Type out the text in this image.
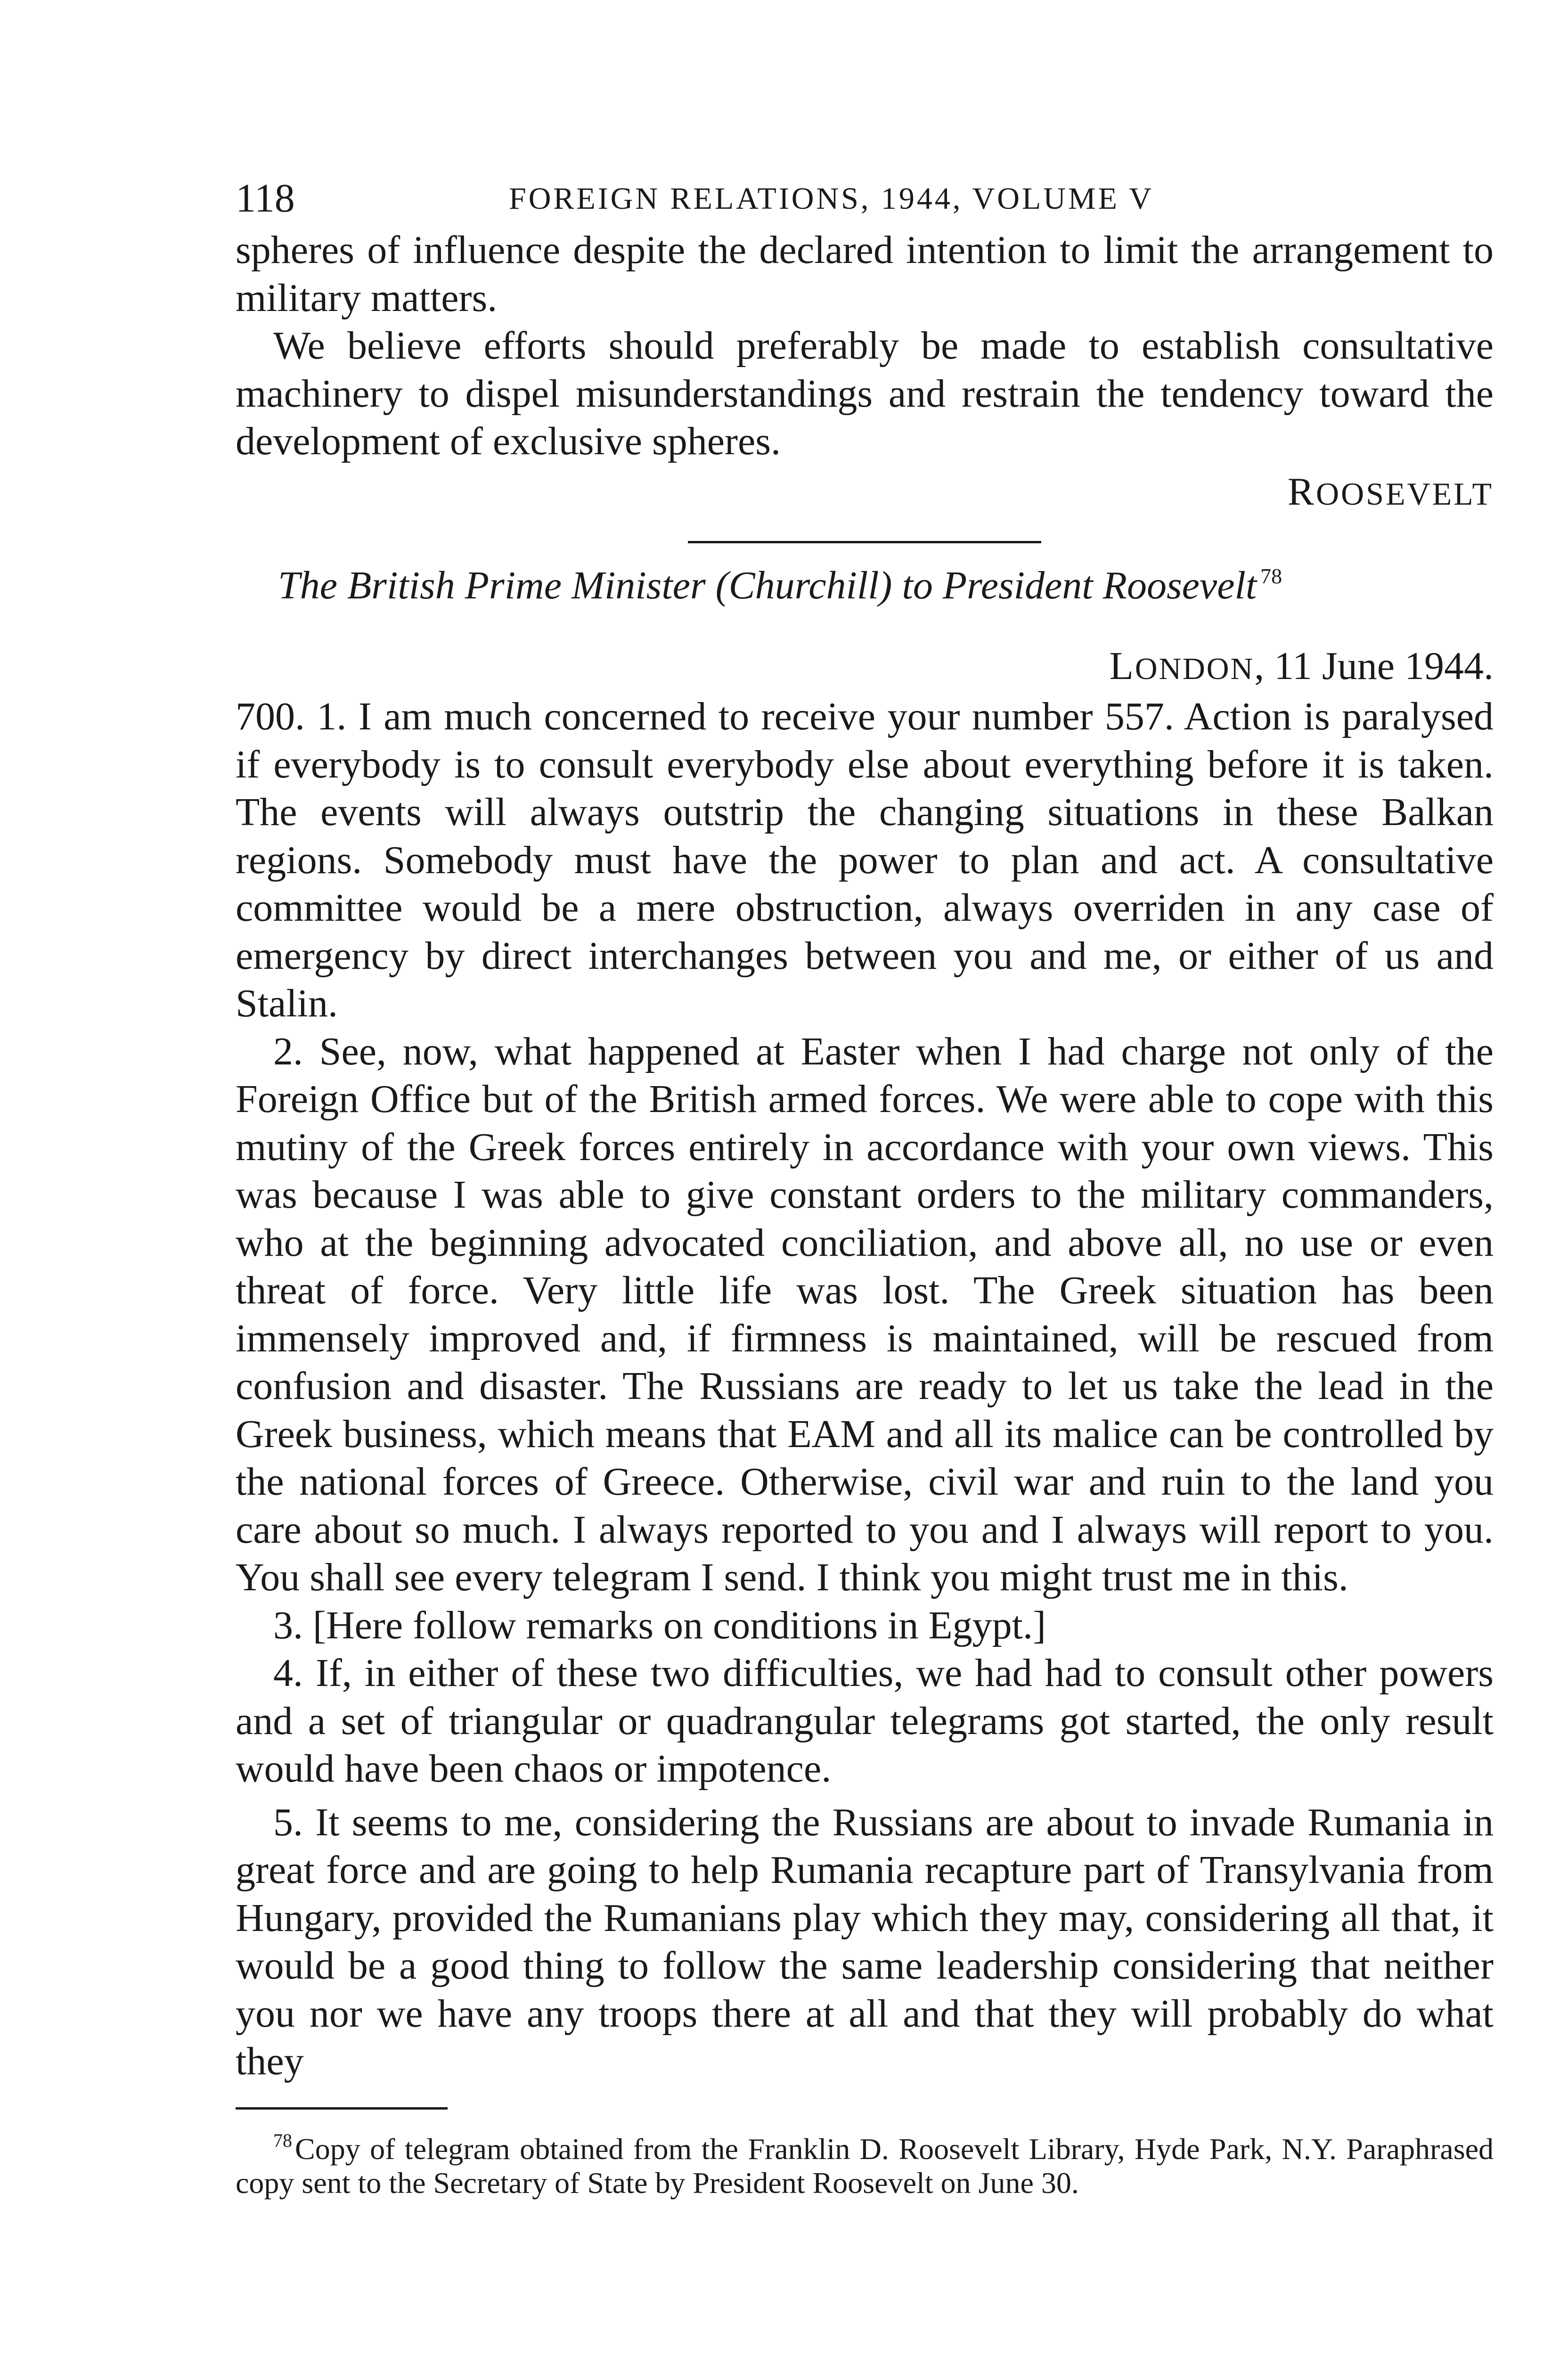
118	FOREIGN RELATIONS, 1944, VOLUME V

spheres of influence despite the declared intention to limit the arrangement to military matters.

We believe efforts should preferably be made to establish consultative machinery to dispel misunderstandings and restrain the tendency toward the development of exclusive spheres.

ROOSEVELT
The British Prime Minister (Churchill) to President Roosevelt $^{78}$
LONDON, 11 June 1944.

700. 1. I am much concerned to receive your number 557. Action is paralysed if everybody is to consult everybody else about everything before it is taken. The events will always outstrip the changing situations in these Balkan regions. Somebody must have the power to plan and act. A consultative committee would be a mere obstruction, always overriden in any case of emergency by direct interchanges between you and me, or either of us and Stalin.

2. See, now, what happened at Easter when I had charge not only of the Foreign Office but of the British armed forces. We were able to cope with this mutiny of the Greek forces entirely in accordance with your own views. This was because I was able to give constant orders to the military commanders, who at the beginning advocated conciliation, and above all, no use or even threat of force. Very little life was lost. The Greek situation has been immensely improved and, if firmness is maintained, will be rescued from confusion and disaster. The Russians are ready to let us take the lead in the Greek business, which means that EAM and all its malice can be controlled by the national forces of Greece. Otherwise, civil war and ruin to the land you care about so much. I always reported to you and I always will report to you. You shall see every telegram I send. I think you might trust me in this.

3. [Here follow remarks on conditions in Egypt.]

4. If, in either of these two difficulties, we had had to consult other powers and a set of triangular or quadrangular telegrams got started, the only result would have been chaos or impotence.

5. It seems to me, considering the Russians are about to invade Rumania in great force and are going to help Rumania recapture part of Transylvania from Hungary, provided the Rumanians play which they may, considering all that, it would be a good thing to follow the same leadership considering that neither you nor we have any troops there at all and that they will probably do what they

$^{78}$Copy of telegram obtained from the Franklin D. Roosevelt Library, Hyde Park, N.Y. Paraphrased copy sent to the Secretary of State by President Roosevelt on June 30.
